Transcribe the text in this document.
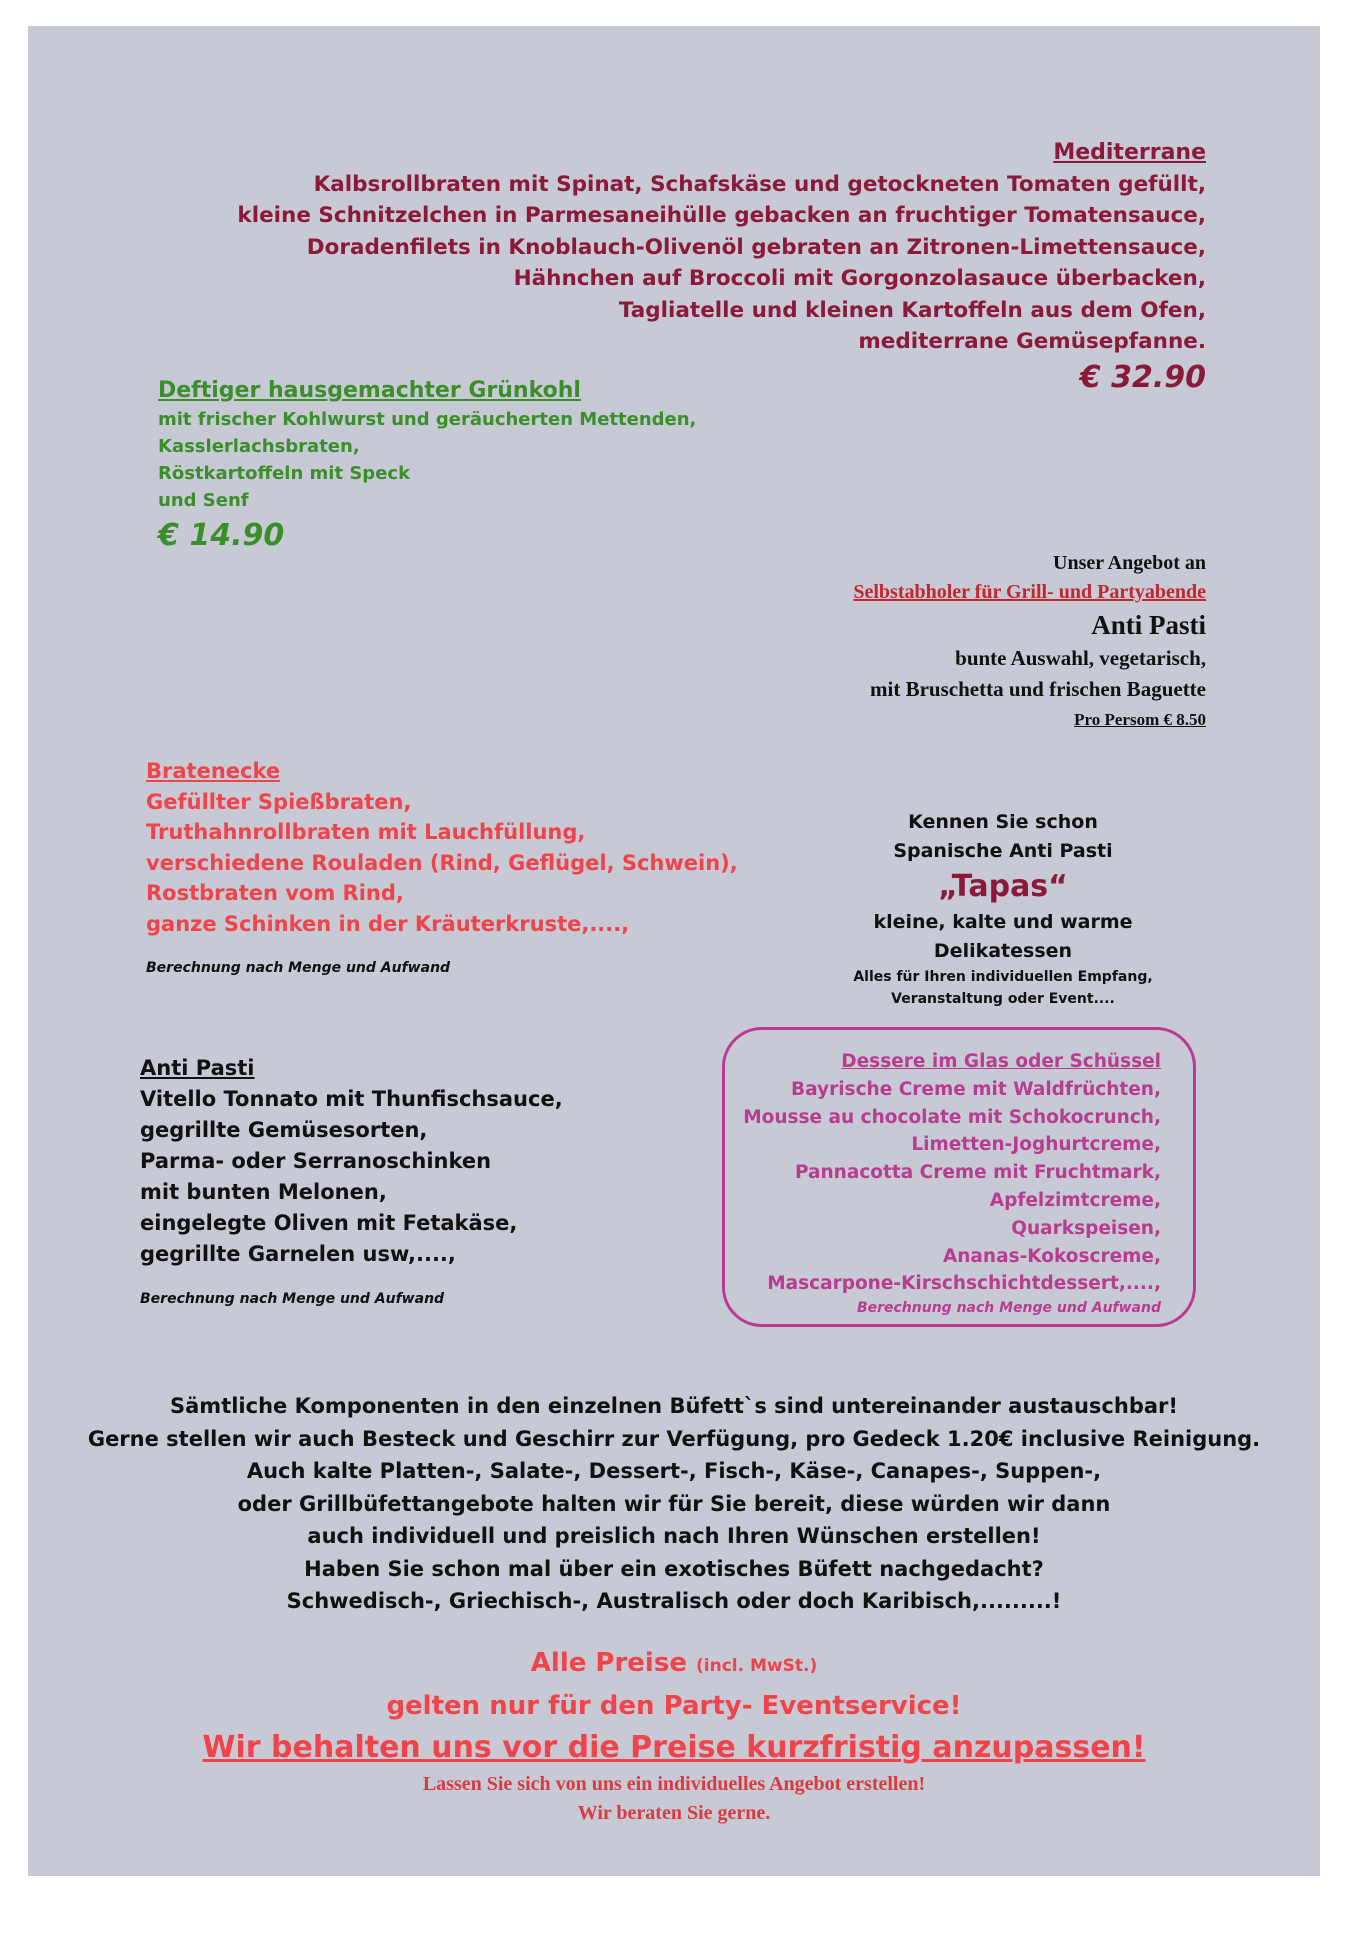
Mediterrane
Kalbsrollbraten mit Spinat, Schafskäse und getockneten Tomaten gefüllt,
kleine Schnitzelchen in Parmesaneihülle gebacken an fruchtiger Tomatensauce,
Doradenfilets in Knoblauch-Olivenöl gebraten an Zitronen-Limettensauce,
Hähnchen auf Broccoli mit Gorgonzolasauce überbacken,
Tagliatelle und kleinen Kartoffeln aus dem Ofen,
mediterrane Gemüsepfanne.
€ 32.90
Deftiger hausgemachter Grünkohl
mit frischer Kohlwurst und geräucherten Mettenden,
Kasslerlachsbraten,
Röstkartoffeln mit Speck
und Senf
€ 14.90
Unser Angebot an
Selbstabholer für Grill- und Partyabende
Anti Pasti
bunte Auswahl, vegetarisch,
mit Bruschetta und frischen Baguette
Pro Persom € 8.50
Bratenecke
Gefüllter Spießbraten,
Truthahnrollbraten mit Lauchfüllung,
verschiedene Rouladen (Rind, Geflügel, Schwein),
Rostbraten vom Rind,
ganze Schinken in der Kräuterkruste,....,
Berechnung nach Menge und Aufwand
Kennen Sie schon
Spanische Anti Pasti
„Tapas“
kleine, kalte und warme
Delikatessen
Alles für Ihren individuellen Empfang,
Veranstaltung oder Event....
Anti Pasti
Vitello Tonnato mit Thunfischsauce,
gegrillte Gemüsesorten,
Parma- oder Serranoschinken
mit bunten Melonen,
eingelegte Oliven mit Fetakäse,
gegrillte Garnelen usw,....,
Berechnung nach Menge und Aufwand
Dessere im Glas oder Schüssel
Bayrische Creme mit Waldfrüchten,
Mousse au chocolate mit Schokocrunch,
Limetten-Joghurtcreme,
Pannacotta Creme mit Fruchtmark,
Apfelzimtcreme,
Quarkspeisen,
Ananas-Kokoscreme,
Mascarpone-Kirschschichtdessert,....,
Berechnung nach Menge und Aufwand
Sämtliche Komponenten in den einzelnen Büfett`s sind untereinander austauschbar!
Gerne stellen wir auch Besteck und Geschirr zur Verfügung, pro Gedeck 1.20€ inclusive Reinigung.
Auch kalte Platten-, Salate-, Dessert-, Fisch-, Käse-, Canapes-, Suppen-,
oder Grillbüfettangebote halten wir für Sie bereit, diese würden wir dann
auch individuell und preislich nach Ihren Wünschen erstellen!
Haben Sie schon mal über ein exotisches Büfett nachgedacht?
Schwedisch-, Griechisch-, Australisch oder doch Karibisch,.........!
Alle Preise (incl. MwSt.)
gelten nur für den Party- Eventservice!
Wir behalten uns vor die Preise kurzfristig anzupassen!
Lassen Sie sich von uns ein individuelles Angebot erstellen!
Wir beraten Sie gerne.
